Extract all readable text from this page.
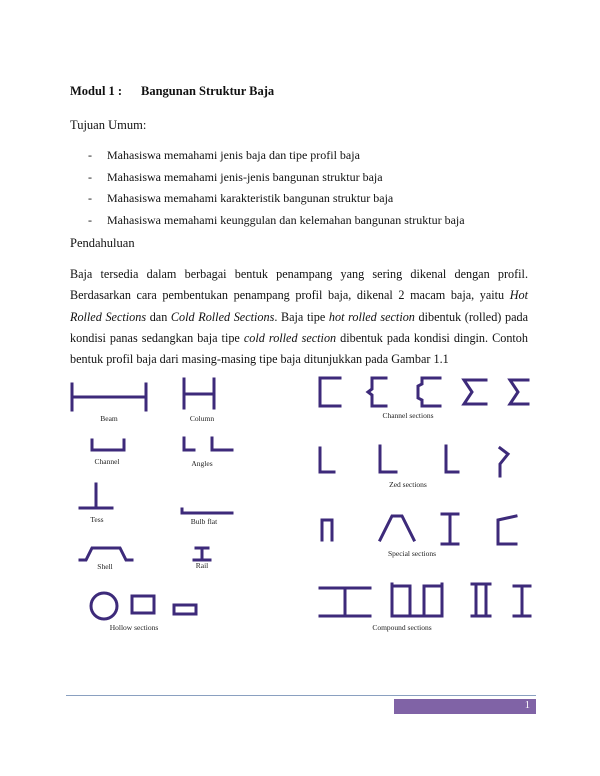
Modul 1 : Bangunan Struktur Baja
Tujuan Umum:
- Mahasiswa memahami jenis baja dan tipe profil baja
- Mahasiswa memahami jenis-jenis bangunan struktur baja
- Mahasiswa memahami karakteristik bangunan struktur baja
- Mahasiswa memahami keunggulan dan kelemahan bangunan struktur baja
Pendahuluan
Baja tersedia dalam berbagai bentuk penampang yang sering dikenal dengan profil. Berdasarkan cara pembentukan penampang profil baja, dikenal 2 macam baja, yaitu Hot Rolled Sections dan Cold Rolled Sections. Baja tipe hot rolled section dibentuk (rolled) pada kondisi panas sedangkan baja tipe cold rolled section dibentuk pada kondisi dingin. Contoh bentuk profil baja dari masing-masing tipe baja ditunjukkan pada Gambar 1.1
Beam	Column
Channel	Angles
Tess	Bulb flat
Shell	Rail
Hollow sections
Channel sections
Zed sections
Special sections
Compound sections
1
